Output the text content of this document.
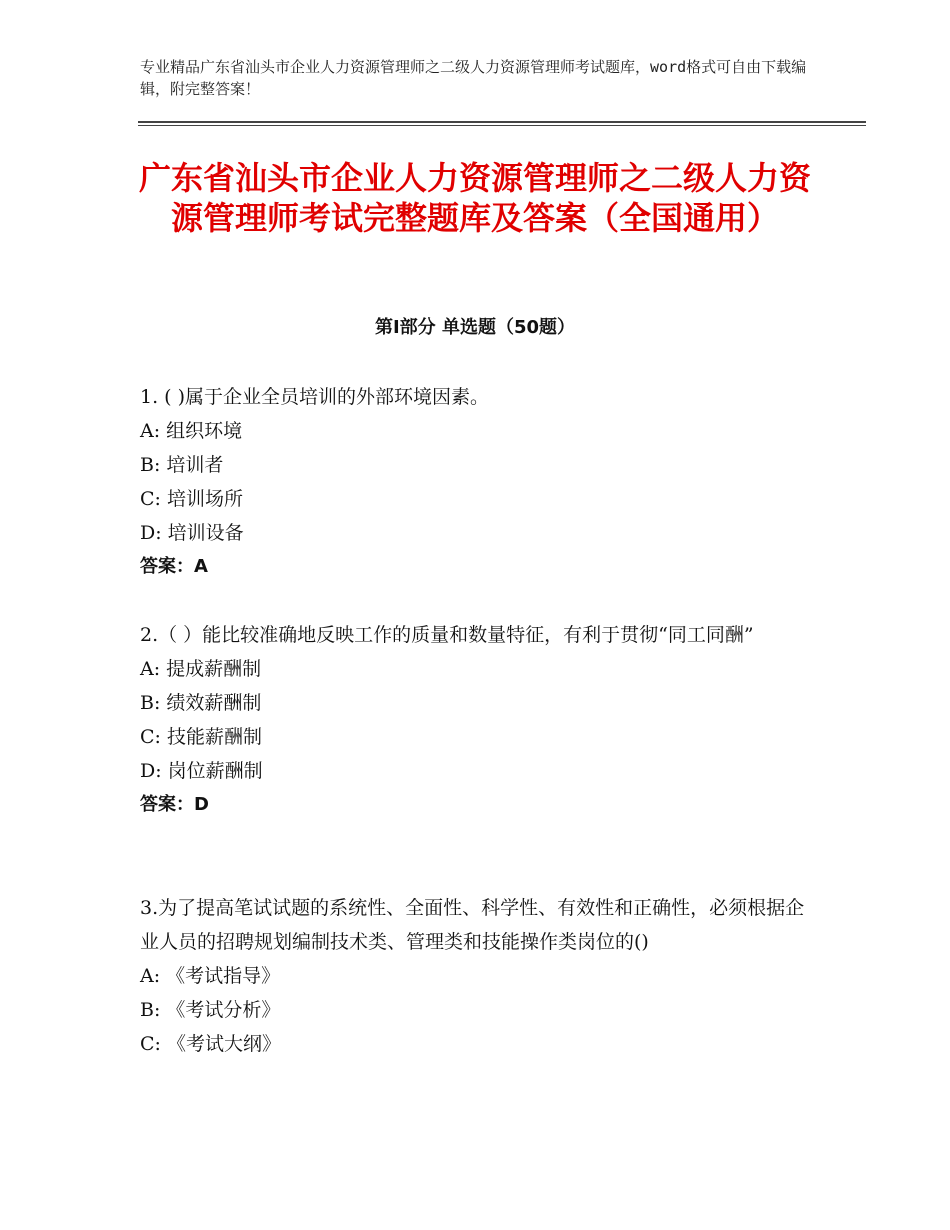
专业精品广东省汕头市企业人力资源管理师之二级人力资源管理师考试题库，word格式可自由下载编辑，附完整答案！
广东省汕头市企业人力资源管理师之二级人力资源管理师考试完整题库及答案（全国通用）
第Ⅰ部分 单选题（50题）

1. ( )属于企业全员培训的外部环境因素。

A: 组织环境
B: 培训者
C: 培训场所
D: 培训设备
答案：A

2.（ ）能比较准确地反映工作的质量和数量特征，有利于贯彻“同工同酬”

A: 提成薪酬制
B: 绩效薪酬制
C: 技能薪酬制
D: 岗位薪酬制
答案：D

3.为了提高笔试试题的系统性、全面性、科学性、有效性和正确性，必须根据企业人员的招聘规划编制技术类、管理类和技能操作类岗位的()

A: 《考试指导》
B: 《考试分析》
C: 《考试大纲》
